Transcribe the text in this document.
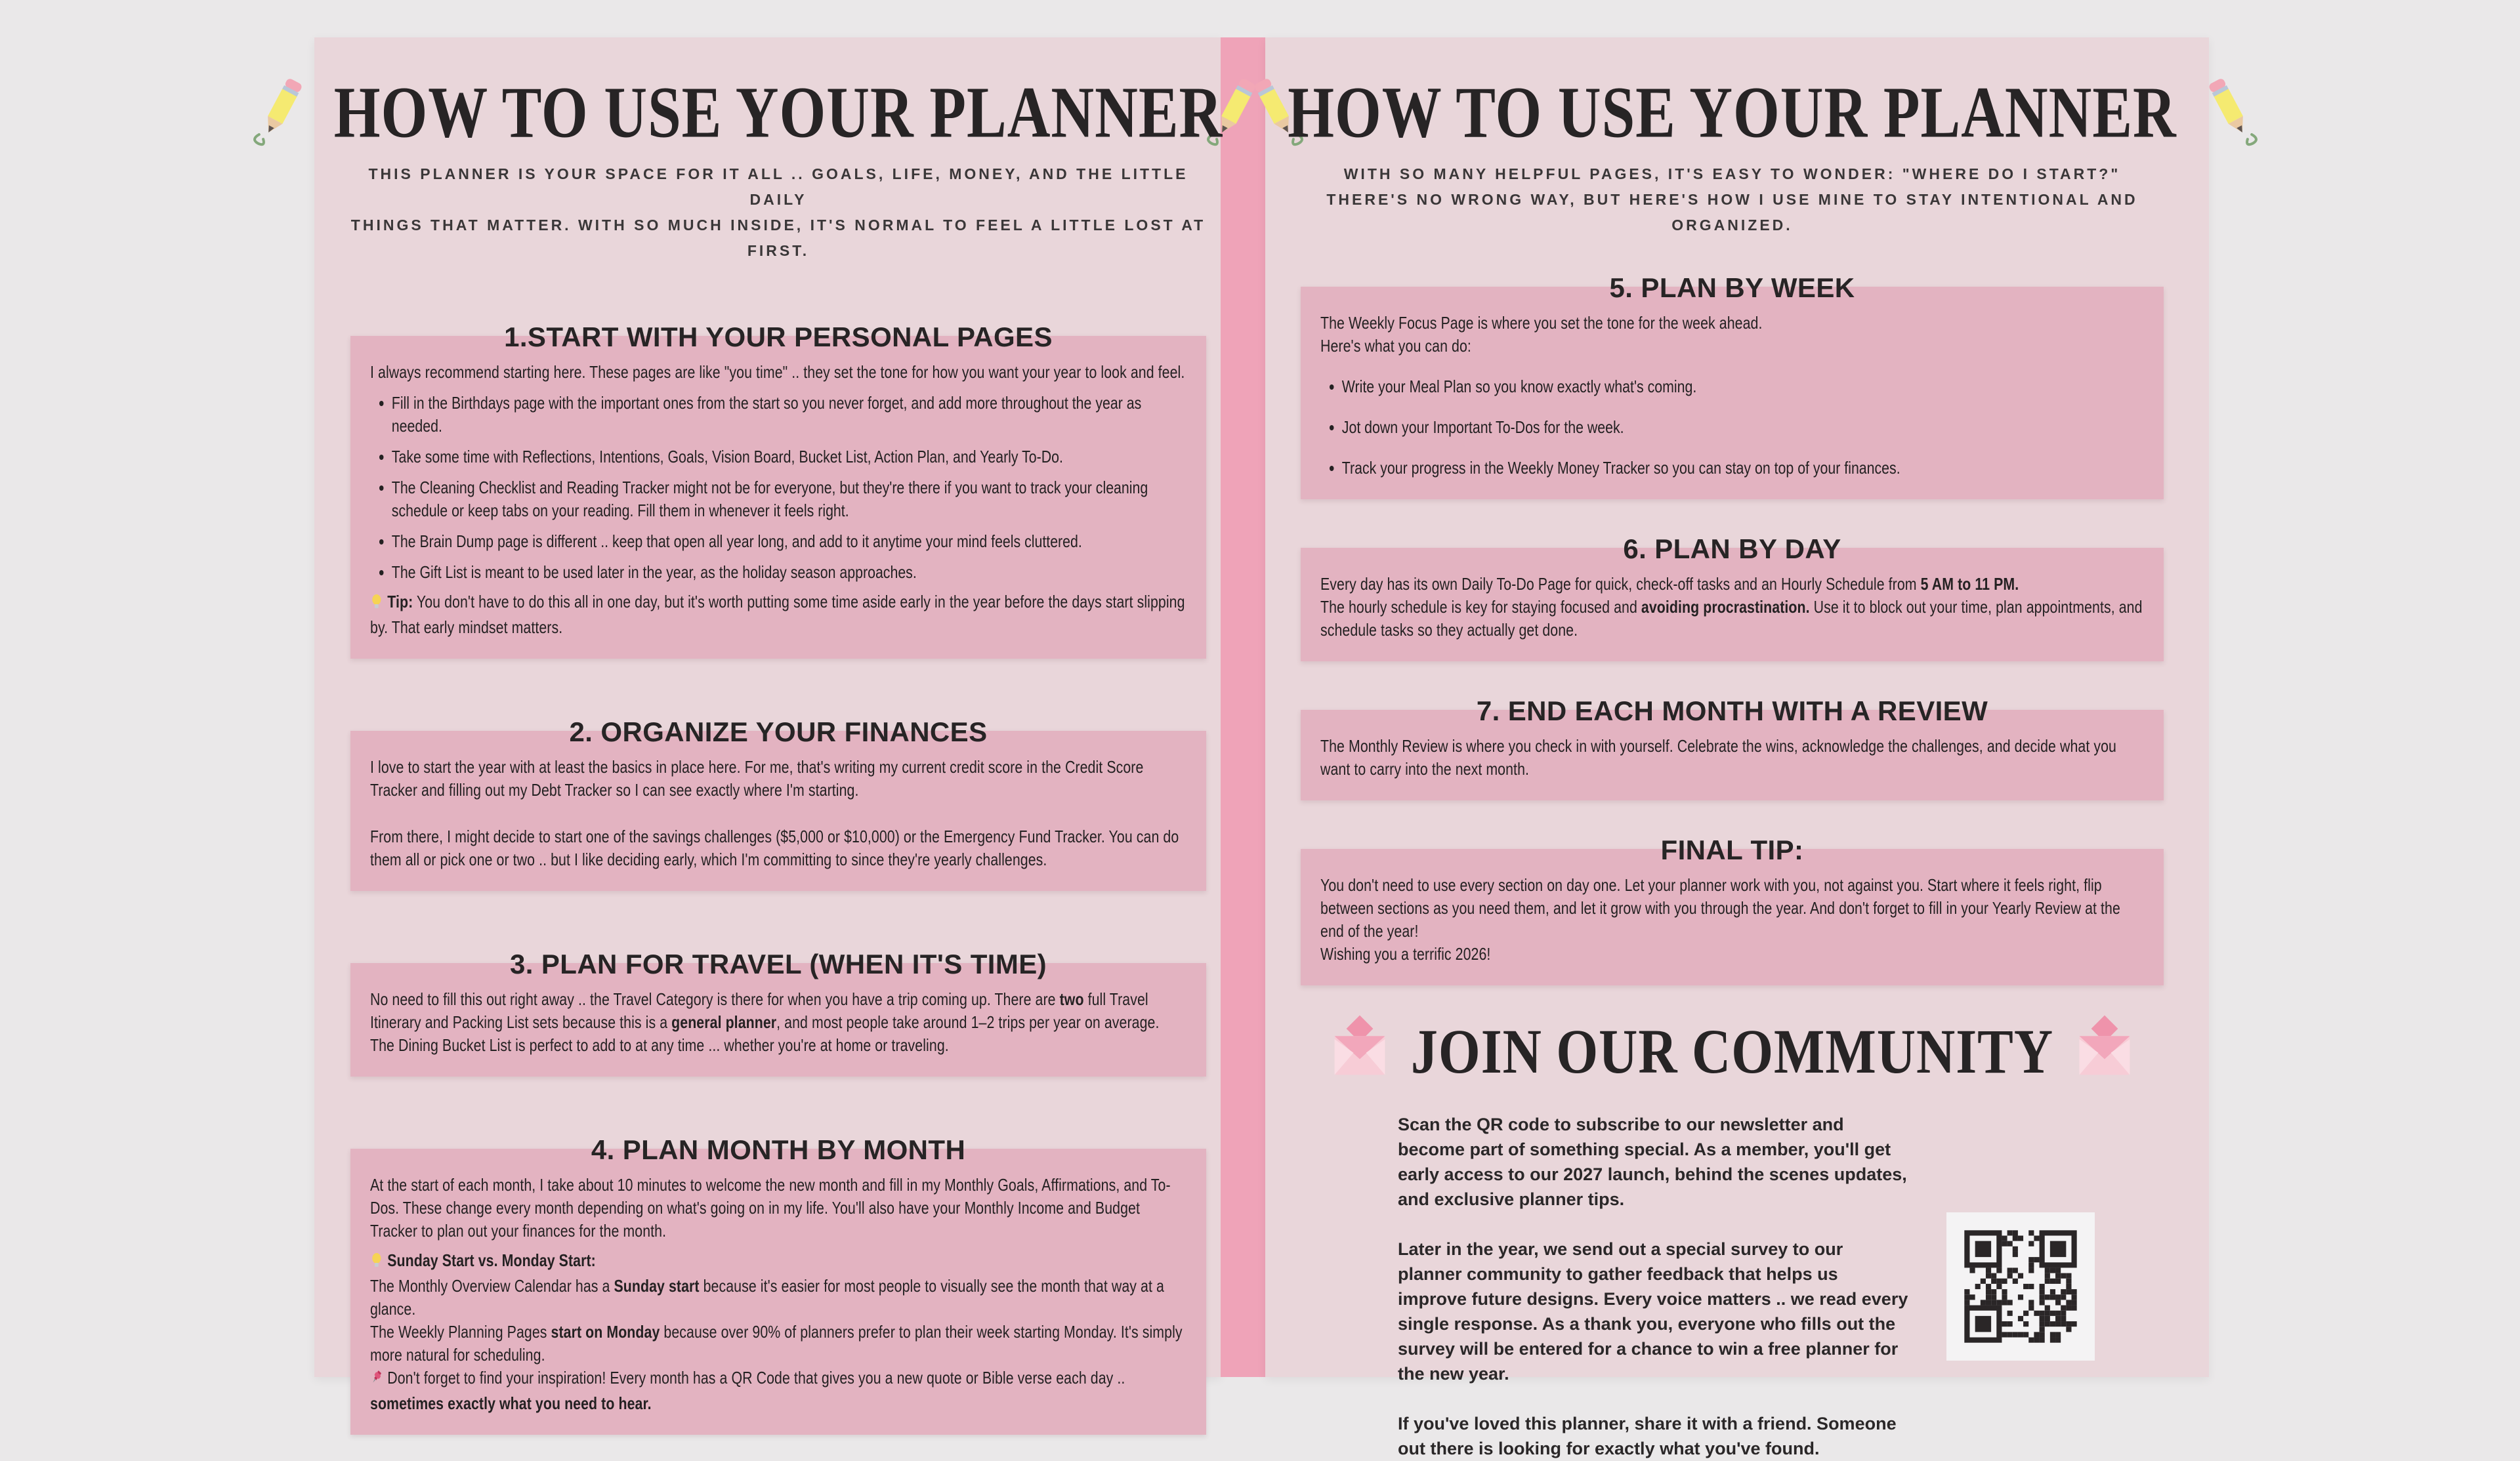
HOW TO USE YOUR PLANNER

THIS PLANNER IS YOUR SPACE FOR IT ALL .. GOALS, LIFE, MONEY, AND THE LITTLE DAILY
THINGS THAT MATTER. WITH SO MUCH INSIDE, IT'S NORMAL TO FEEL A LITTLE LOST AT FIRST.

1.START WITH YOUR PERSONAL PAGES

I always recommend starting here. These pages are like "you time" .. they set the tone for how you want your year to look and feel.

• Fill in the Birthdays page with the important ones from the start so you never forget, and add more throughout the year as needed.
• Take some time with Reflections, Intentions, Goals, Vision Board, Bucket List, Action Plan, and Yearly To-Do.
• The Cleaning Checklist and Reading Tracker might not be for everyone, but they're there if you want to track your cleaning schedule or keep tabs on your reading. Fill them in whenever it feels right.
• The Brain Dump page is different .. keep that open all year long, and add to it anytime your mind feels cluttered.
• The Gift List is meant to be used later in the year, as the holiday season approaches.

Tip: You don't have to do this all in one day, but it's worth putting some time aside early in the year before the days start slipping by. That early mindset matters.

2. ORGANIZE YOUR FINANCES

I love to start the year with at least the basics in place here. For me, that's writing my current credit score in the Credit Score Tracker and filling out my Debt Tracker so I can see exactly where I'm starting.

From there, I might decide to start one of the savings challenges ($5,000 or $10,000) or the Emergency Fund Tracker. You can do them all or pick one or two .. but I like deciding early, which I'm committing to since they're yearly challenges.

3. PLAN FOR TRAVEL (WHEN IT'S TIME)

No need to fill this out right away .. the Travel Category is there for when you have a trip coming up. There are two full Travel Itinerary and Packing List sets because this is a general planner, and most people take around 1–2 trips per year on average.

The Dining Bucket List is perfect to add to at any time ... whether you're at home or traveling.

4. PLAN MONTH BY MONTH

At the start of each month, I take about 10 minutes to welcome the new month and fill in my Monthly Goals, Affirmations, and To-Dos. These change every month depending on what's going on in my life. You'll also have your Monthly Income and Budget Tracker to plan out your finances for the month.

Sunday Start vs. Monday Start:

The Monthly Overview Calendar has a Sunday start because it's easier for most people to visually see the month that way at a glance.

The Weekly Planning Pages start on Monday because over 90% of planners prefer to plan their week starting Monday. It's simply more natural for scheduling.

Don't forget to find your inspiration! Every month has a QR Code that gives you a new quote or Bible verse each day .. sometimes exactly what you need to hear.

HOW TO USE YOUR PLANNER

WITH SO MANY HELPFUL PAGES, IT'S EASY TO WONDER: "WHERE DO I START?"
THERE'S NO WRONG WAY, BUT HERE'S HOW I USE MINE TO STAY INTENTIONAL AND ORGANIZED.

5. PLAN BY WEEK

The Weekly Focus Page is where you set the tone for the week ahead.

Here's what you can do:

• Write your Meal Plan so you know exactly what's coming.
• Jot down your Important To-Dos for the week.
• Track your progress in the Weekly Money Tracker so you can stay on top of your finances.
6. PLAN BY DAY

Every day has its own Daily To-Do Page for quick, check-off tasks and an Hourly Schedule from 5 AM to 11 PM.

The hourly schedule is key for staying focused and avoiding procrastination. Use it to block out your time, plan appointments, and schedule tasks so they actually get done.

7. END EACH MONTH WITH A REVIEW

The Monthly Review is where you check in with yourself. Celebrate the wins, acknowledge the challenges, and decide what you want to carry into the next month.

FINAL TIP:

You don't need to use every section on day one. Let your planner work with you, not against you. Start where it feels right, flip between sections as you need them, and let it grow with you through the year. And don't forget to fill in your Yearly Review at the end of the year!

Wishing you a terrific 2026!

JOIN OUR COMMUNITY

Scan the QR code to subscribe to our newsletter and become part of something special. As a member, you'll get early access to our 2027 launch, behind the scenes updates, and exclusive planner tips.

Later in the year, we send out a special survey to our planner community to gather feedback that helps us improve future designs. Every voice matters .. we read every single response. As a thank you, everyone who fills out the survey will be entered for a chance to win a free planner for the new year.

If you've loved this planner, share it with a friend. Someone out there is looking for exactly what you've found.
